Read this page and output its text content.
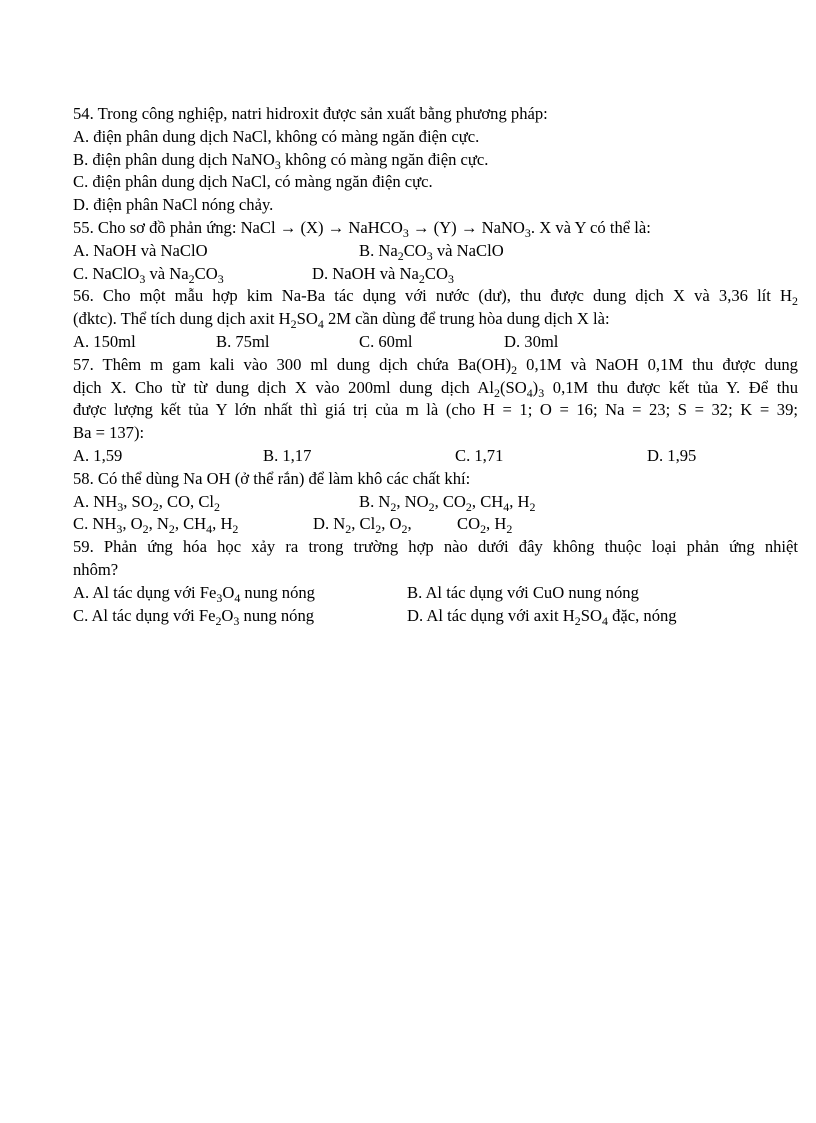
54. Trong công nghiệp, natri hidroxit được sản xuất bằng phương pháp:
A. điện phân dung dịch NaCl, không có màng ngăn điện cực.
B. điện phân dung dịch NaNO$_3$ không có màng ngăn điện cực.
C. điện phân dung dịch NaCl, có màng ngăn điện cực.
D. điện phân NaCl nóng chảy.
55. Cho sơ đồ phản ứng: NaCl → (X) → NaHCO$_3$ → (Y) → NaNO$_3$. X và Y có thể là:
A. NaOH và NaClO	B. $Na_2CO_3$ và NaClO
C. NaClO$_3$ và $Na_2CO_3$	D. NaOH và $Na_2CO_3$
56. Cho một mẫu hợp kim Na-Ba tác dụng với nước (dư), thu được dung dịch X và 3,36 lít $H_2$
(đktc). Thể tích dung dịch axit $H_2SO_4$ 2M cần dùng để trung hòa dung dịch X là:
A. 150ml	B. 75ml	C. 60ml	D. 30ml
57. Thêm m gam kali vào 300 ml dung dịch chứa $Ba(OH)_2$ 0,1M và NaOH 0,1M thu được dung
dịch X. Cho từ từ dung dịch X vào 200ml dung dịch $Al_2(SO_4)_3$ 0,1M thu được kết tủa Y. Để thu
được lượng kết tủa Y lớn nhất thì giá trị của m là (cho H = 1; O = 16; Na = 23; S = 32; K = 39;
Ba = 137):
A. 1,59	B. 1,17	C. 1,71	D. 1,95
58. Có thể dùng Na OH (ở thể rắn) để làm khô các chất khí:
A. $NH_3$, $SO_2$, CO, $Cl_2$	B. $N_2$, $NO_2$, $CO_2$, $CH_4$, $H_2$
C. $NH_3$, $O_2$, $N_2$, $CH_4$, $H_2$	D. $N_2$, $Cl_2$, $O_2$,	$CO_2$, $H_2$
59. Phản ứng hóa học xảy ra trong trường hợp nào dưới đây không thuộc loại phản ứng nhiệt
nhôm?
A. Al tác dụng với $Fe_3O_4$ nung nóng	B. Al tác dụng với CuO nung nóng
C. Al tác dụng với $Fe_2O_3$ nung nóng	D. Al tác dụng với axit $H_2SO_4$ đặc, nóng
